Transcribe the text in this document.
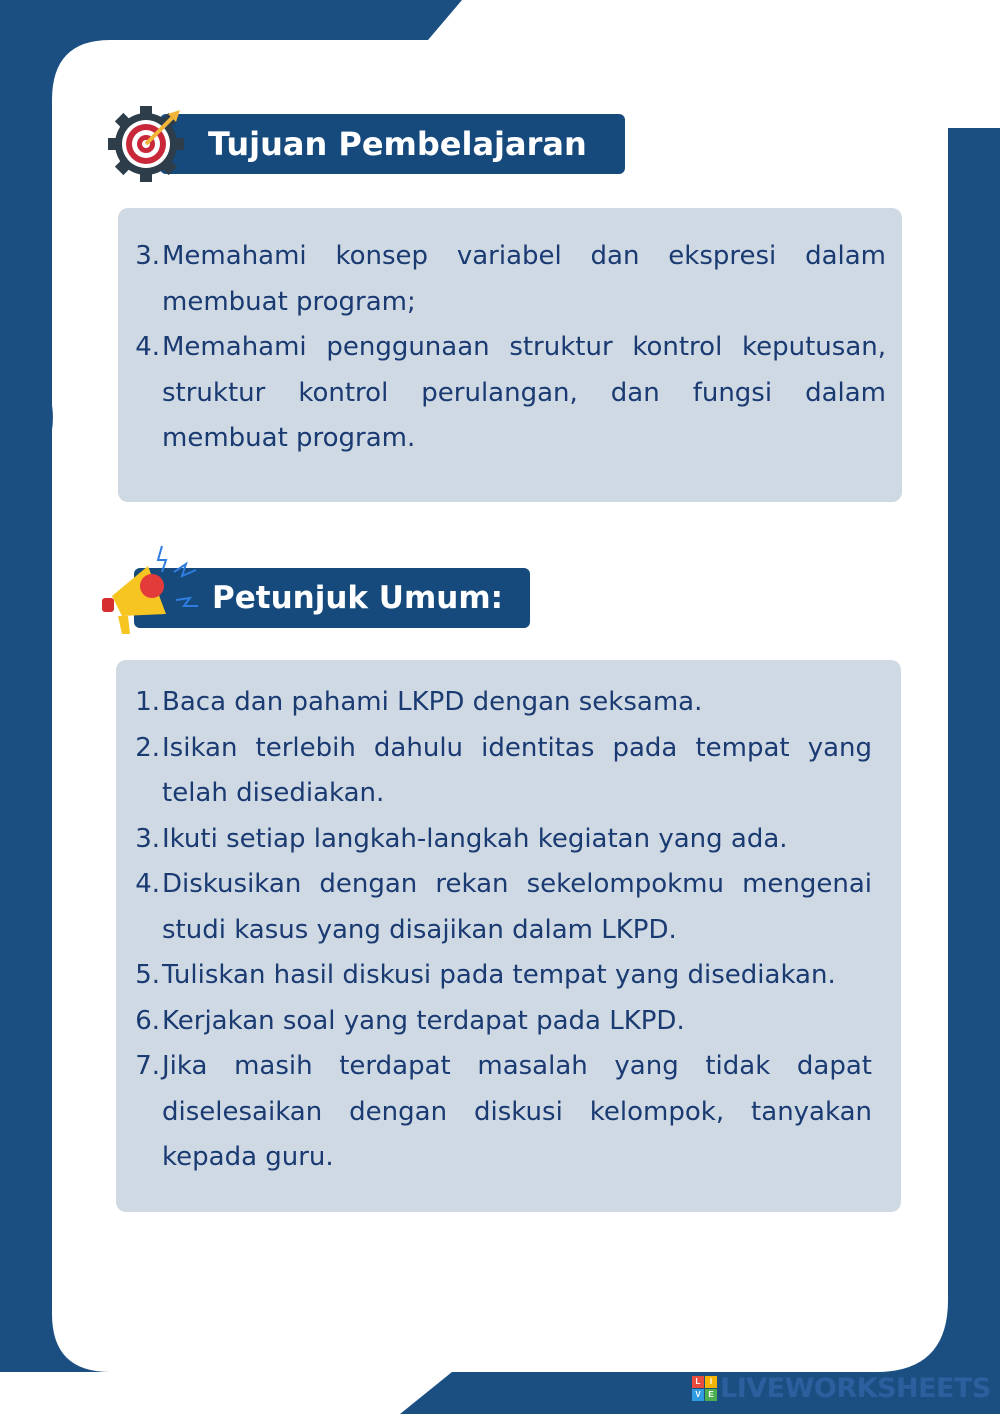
Tujuan Pembelajaran
3. Memahami konsep variabel dan ekspresi dalam membuat program;
4. Memahami penggunaan struktur kontrol keputusan, struktur kontrol perulangan, dan fungsi dalam membuat program.
Petunjuk Umum:
1. Baca dan pahami LKPD dengan seksama.
2. Isikan terlebih dahulu identitas pada tempat yang telah disediakan.
3. Ikuti setiap langkah-langkah kegiatan yang ada.
4. Diskusikan dengan rekan sekelompokmu mengenai studi kasus yang disajikan dalam LKPD.
5. Tuliskan hasil diskusi pada tempat yang disediakan.
6. Kerjakan soal yang terdapat pada LKPD.
7. Jika masih terdapat masalah yang tidak dapat diselesaikan dengan diskusi kelompok, tanyakan kepada guru.
L	I
V E LIVEWORKSHEETS
